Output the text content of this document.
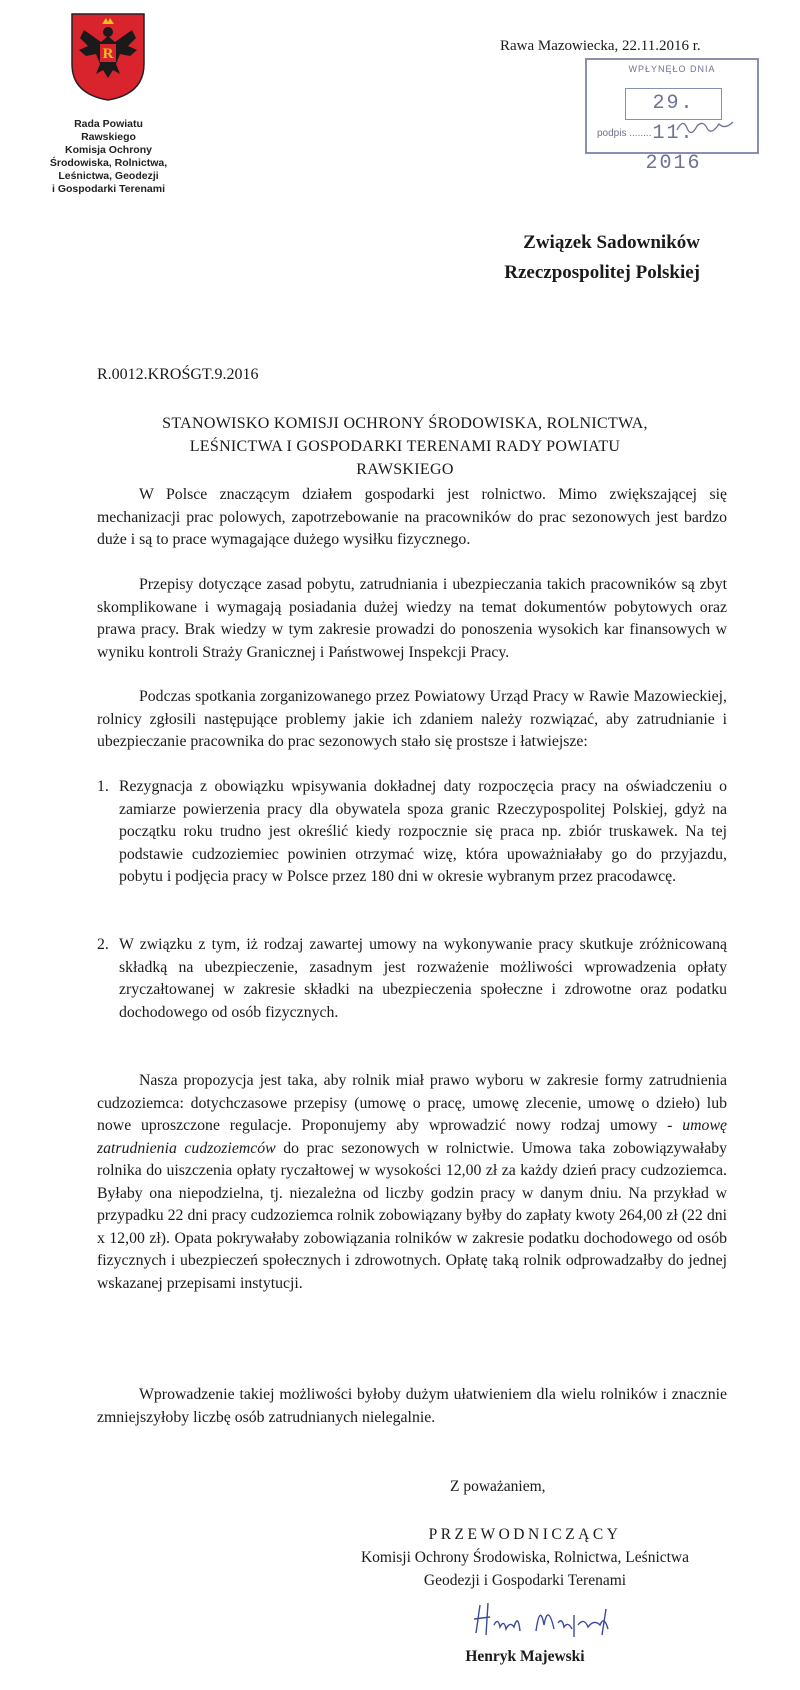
R
Rada Powiatu
Rawskiego
Komisja Ochrony
Środowiska, Rolnictwa,
Leśnictwa, Geodezji
i Gospodarki Terenami
Rawa Mazowiecka, 22.11.2016 r.
WPŁYNĘŁO DNIA
29. 11. 2016
podpis ........
Związek Sadowników
Rzeczpospolitej Polskiej
R.0012.KROŚGT.9.2016
STANOWISKO KOMISJI OCHRONY ŚRODOWISKA, ROLNICTWA,
LEŚNICTWA I GOSPODARKI TERENAMI RADY POWIATU
RAWSKIEGO
W Polsce znaczącym działem gospodarki jest rolnictwo. Mimo zwiększającej się mechanizacji prac polowych, zapotrzebowanie na pracowników do prac sezonowych jest bardzo duże i są to prace wymagające dużego wysiłku fizycznego.
Przepisy dotyczące zasad pobytu, zatrudniania i ubezpieczania takich pracowników są zbyt skomplikowane i wymagają posiadania dużej wiedzy na temat dokumentów pobytowych oraz prawa pracy. Brak wiedzy w tym zakresie prowadzi do ponoszenia wysokich kar finansowych w wyniku kontroli Straży Granicznej i Państwowej Inspekcji Pracy.
Podczas spotkania zorganizowanego przez Powiatowy Urząd Pracy w Rawie Mazowieckiej, rolnicy zgłosili następujące problemy jakie ich zdaniem należy rozwiązać, aby zatrudnianie i ubezpieczanie pracownika do prac sezonowych stało się prostsze i łatwiejsze:
1. Rezygnacja z obowiązku wpisywania dokładnej daty rozpoczęcia pracy na oświadczeniu o zamiarze powierzenia pracy dla obywatela spoza granic Rzeczypospolitej Polskiej, gdyż na początku roku trudno jest określić kiedy rozpocznie się praca np. zbiór truskawek. Na tej podstawie cudzoziemiec powinien otrzymać wizę, która upoważniałaby go do przyjazdu, pobytu i podjęcia pracy w Polsce przez 180 dni w okresie wybranym przez pracodawcę.
2. W związku z tym, iż rodzaj zawartej umowy na wykonywanie pracy skutkuje zróżnicowaną składką na ubezpieczenie, zasadnym jest rozważenie możliwości wprowadzenia opłaty zryczałtowanej w zakresie składki na ubezpieczenia społeczne i zdrowotne oraz podatku dochodowego od osób fizycznych.
Nasza propozycja jest taka, aby rolnik miał prawo wyboru w zakresie formy zatrudnienia cudzoziemca: dotychczasowe przepisy (umowę o pracę, umowę zlecenie, umowę o dzieło) lub nowe uproszczone regulacje. Proponujemy aby wprowadzić nowy rodzaj umowy - umowę zatrudnienia cudzoziemców do prac sezonowych w rolnictwie. Umowa taka zobowiązywałaby rolnika do uiszczenia opłaty ryczałtowej w wysokości 12,00 zł za każdy dzień pracy cudzoziemca. Byłaby ona niepodzielna, tj. niezależna od liczby godzin pracy w danym dniu. Na przykład w przypadku 22 dni pracy cudzoziemca rolnik zobowiązany byłby do zapłaty kwoty 264,00 zł (22 dni x 12,00 zł). Opata pokrywałaby zobowiązania rolników w zakresie podatku dochodowego od osób fizycznych i ubezpieczeń społecznych i zdrowotnych. Opłatę taką rolnik odprowadzałby do jednej wskazanej przepisami instytucji.
Wprowadzenie takiej możliwości byłoby dużym ułatwieniem dla wielu rolników i znacznie zmniejszyłoby liczbę osób zatrudnianych nielegalnie.
Z poważaniem,
PRZEWODNICZĄCY
Komisji Ochrony Środowiska, Rolnictwa, Leśnictwa
Geodezji i Gospodarki Terenami
Henryk Majewski
